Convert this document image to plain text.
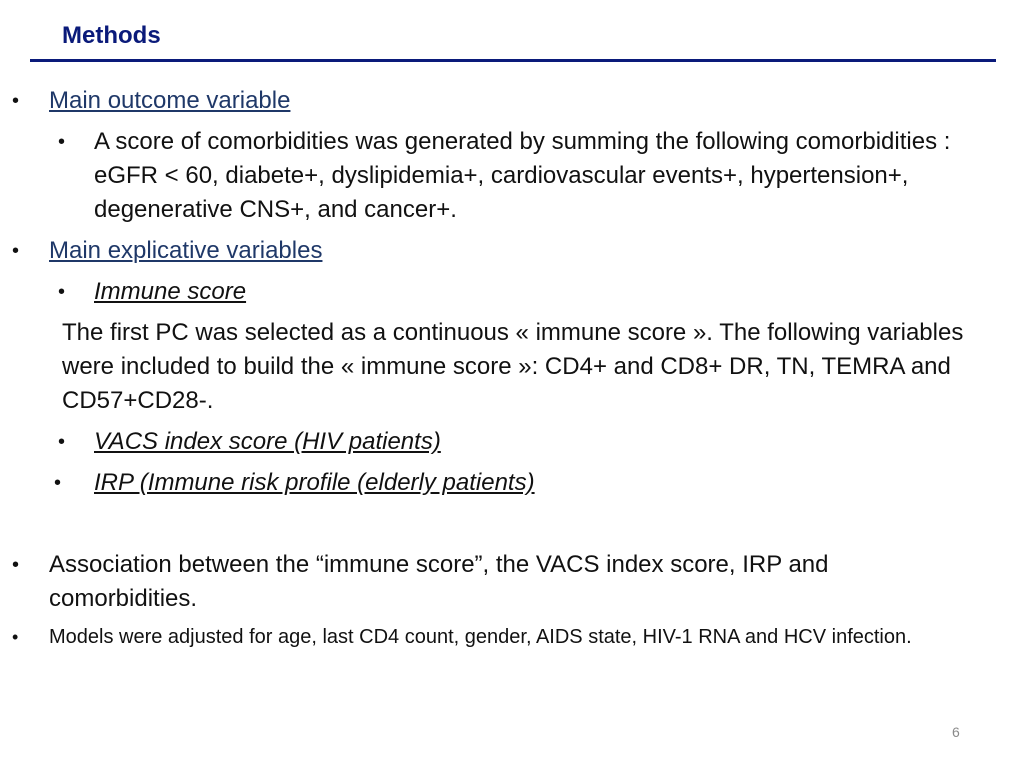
Methods
• Main outcome variable
• A score of comorbidities was generated by summing the following comorbidities : eGFR < 60, diabete+, dyslipidemia+, cardiovascular events+, hypertension+, degenerative CNS+, and cancer+.
• Main explicative variables
• Immune score
The first PC was selected as a continuous « immune score ». The following variables were included to build the « immune score »: CD4+ and CD8+ DR, TN, TEMRA and CD57+CD28-.
• VACS index score (HIV patients)
• IRP (Immune risk profile (elderly patients)
• Association between the “immune score”, the VACS index score, IRP and comorbidities.
• Models were adjusted for age, last CD4 count, gender, AIDS state, HIV-1 RNA and HCV infection.
6
